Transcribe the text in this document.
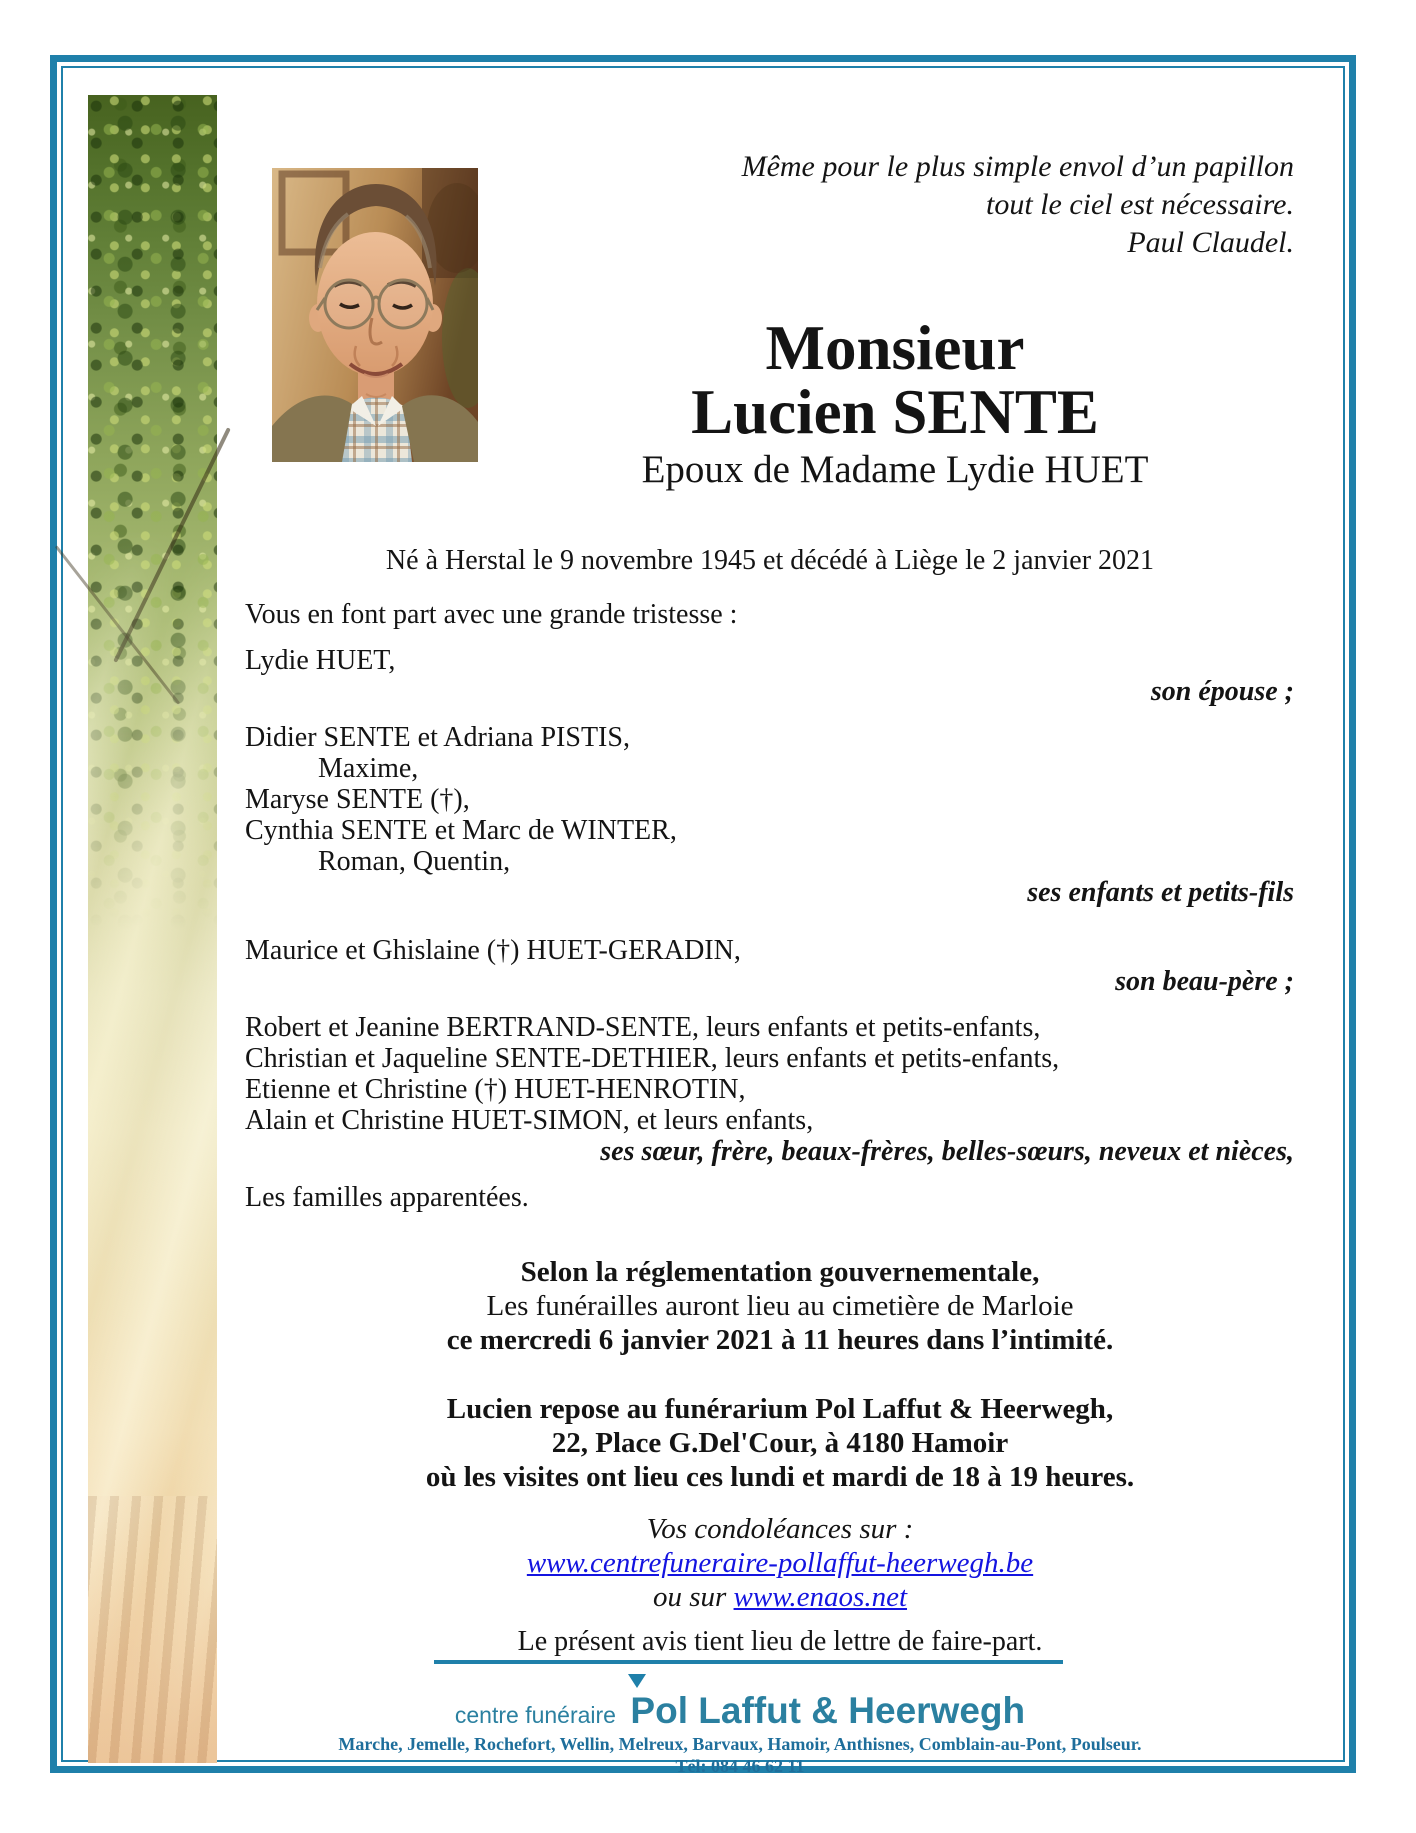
Même pour le plus simple envol d’un papillon
tout le ciel est nécessaire.
Paul Claudel.
Monsieur
Lucien SENTE
Epoux de Madame Lydie HUET
Né à Herstal le 9 novembre 1945 et décédé à Liège le 2 janvier 2021
Vous en font part avec une grande tristesse :
Lydie HUET,
son épouse ;
Didier SENTE et Adriana PISTIS,
Maxime,
Maryse SENTE (†),
Cynthia SENTE et Marc de WINTER,
Roman, Quentin,
ses enfants et petits-fils
Maurice et Ghislaine (†) HUET-GERADIN,
son beau-père ;
Robert et Jeanine BERTRAND-SENTE, leurs enfants et petits-enfants,
Christian et Jaqueline SENTE-DETHIER, leurs enfants et petits-enfants,
Etienne et Christine (†) HUET-HENROTIN,
Alain et Christine HUET-SIMON, et leurs enfants,
ses sœur, frère, beaux-frères, belles-sœurs, neveux et nièces,
Les familles apparentées.
Selon la réglementation gouvernementale,
Les funérailles auront lieu au cimetière de Marloie
ce mercredi 6 janvier 2021 à 11 heures dans l’intimité.
Lucien repose au funérarium Pol Laffut & Heerwegh,
22, Place G.Del'Cour, à 4180 Hamoir
où les visites ont lieu ces lundi et mardi de 18 à 19 heures.
Vos condoléances sur :
www.centrefuneraire-pollaffut-heerwegh.be
ou sur www.enaos.net
Le présent avis tient lieu de lettre de faire-part.
centre funéraire Pol Laffut & Heerwegh
Marche, Jemelle, Rochefort, Wellin, Melreux, Barvaux, Hamoir, Anthisnes, Comblain-au-Pont, Poulseur.
Tél: 084 46 62 11
